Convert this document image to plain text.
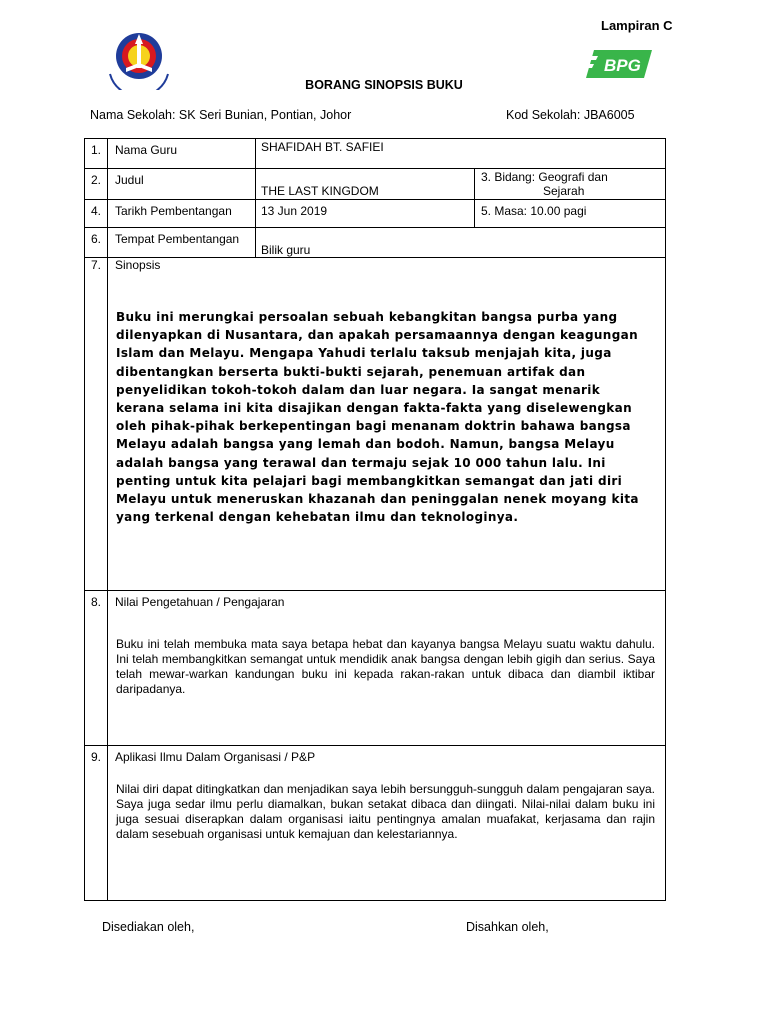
Lampiran C
BPG
BORANG SINOPSIS BUKU
Nama Sekolah: SK Seri Bunian, Pontian, Johor	Kod Sekolah: JBA6005
1.	Nama Guru	SHAFIDAH BT. SAFIEI	
2.	Judul	THE LAST KINGDOM	3. Bidang: Geografi dan
Sejarah

4.	Tarikh Pembentangan	13 Jun 2019	5. Masa: 10.00 pagi
6.	Tempat Pembentangan	Bilik guru	
7.	Sinopsis
Buku ini merungkai persoalan sebuah kebangkitan bangsa purba yang dilenyapkan di Nusantara, dan apakah persamaannya dengan keagungan Islam dan Melayu. Mengapa Yahudi terlalu taksub menjajah kita, juga dibentangkan berserta bukti-bukti sejarah, penemuan artifak dan penyelidikan tokoh-tokoh dalam dan luar negara. Ia sangat menarik kerana selama ini kita disajikan dengan fakta-fakta yang diselewengkan oleh pihak-pihak berkepentingan bagi menanam doktrin bahawa bangsa Melayu adalah bangsa yang lemah dan bodoh. Namun, bangsa Melayu adalah bangsa yang terawal dan termaju sejak 10 000 tahun lalu. Ini penting untuk kita pelajari bagi membangkitkan semangat dan jati diri Melayu untuk meneruskan khazanah dan peninggalan nenek moyang kita yang terkenal dengan kehebatan ilmu dan teknologinya.		

8.	Nilai Pengetahuan / Pengajaran
Buku ini telah membuka mata saya betapa hebat dan kayanya bangsa Melayu suatu waktu dahulu. Ini telah membangkitkan semangat untuk mendidik anak bangsa dengan lebih gigih dan serius. Saya telah mewar-warkan kandungan buku ini kepada rakan-rakan untuk dibaca dan diambil iktibar daripadanya.		

9.	Aplikasi Ilmu Dalam Organisasi / P&P
Nilai diri dapat ditingkatkan dan menjadikan saya lebih bersungguh-sungguh dalam pengajaran saya. Saya juga sedar ilmu perlu diamalkan, bukan setakat dibaca dan diingati. Nilai-nilai dalam buku ini juga sesuai diserapkan dalam organisasi iaitu pentingnya amalan muafakat, kerjasama dan rajin dalam sesebuah organisasi untuk kemajuan dan kelestariannya.		
Disediakan oleh,	Disahkan oleh,
